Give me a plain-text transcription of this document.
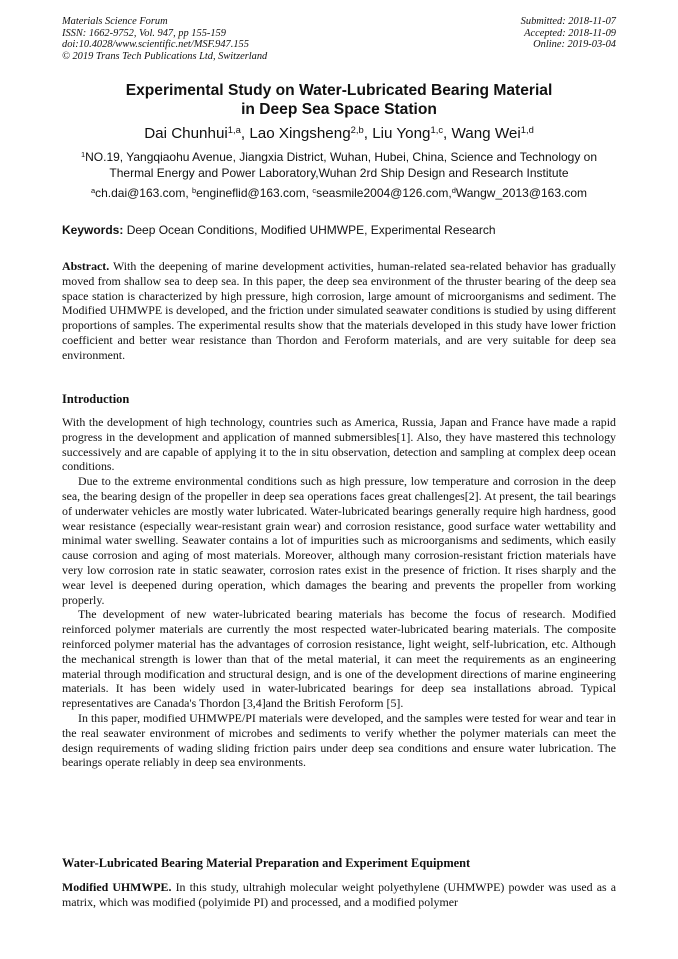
Materials Science Forum
ISSN: 1662-9752, Vol. 947, pp 155-159
doi:10.4028/www.scientific.net/MSF.947.155
© 2019 Trans Tech Publications Ltd, Switzerland
Submitted: 2018-11-07
Accepted: 2018-11-09
Online: 2019-03-04
Experimental Study on Water-Lubricated Bearing Material
in Deep Sea Space Station
Dai Chunhui$^{1,a}$, Lao Xingsheng$^{2,b}$, Liu Yong$^{1,c}$, Wang Wei$^{1,d}$
$^1$NO.19, Yangqiaohu Avenue, Jiangxia District, Wuhan, Hubei, China, Science and Technology on Thermal Energy and Power Laboratory,Wuhan 2rd Ship Design and Research Institute
$^a$ch.dai@163.com, $^b$engineflid@163.com, $^c$seasmile2004@126.com,$^d$Wangw_2013@163.com
Keywords: Deep Ocean Conditions, Modified UHMWPE, Experimental Research
Abstract. With the deepening of marine development activities, human-related sea-related behavior has gradually moved from shallow sea to deep sea. In this paper, the deep sea environment of the thruster bearing of the deep sea space station is characterized by high pressure, high corrosion, large amount of microorganisms and sediment. The Modified UHMWPE is developed, and the friction under simulated seawater conditions is studied by using different proportions of samples. The experimental results show that the materials developed in this study have lower friction coefficient and better wear resistance than Thordon and Feroform materials, and are very suitable for deep sea environment.
Introduction

With the development of high technology, countries such as America, Russia, Japan and France have made a rapid progress in the development and application of manned submersibles[1]. Also, they have mastered this technology successively and are capable of applying it to the in situ observation, detection and sampling at complex deep ocean conditions.

Due to the extreme environmental conditions such as high pressure, low temperature and corrosion in the deep sea, the bearing design of the propeller in deep sea operations faces great challenges[2]. At present, the tail bearings of underwater vehicles are mostly water lubricated. Water-lubricated bearings generally require high hardness, good wear resistance (especially wear-resistant grain wear) and corrosion resistance, good surface water wettability and minimal water swelling. Seawater contains a lot of impurities such as microorganisms and sediments, which easily cause corrosion and aging of most materials. Moreover, although many corrosion-resistant friction materials have very low corrosion rate in static seawater, corrosion rates exist in the presence of friction. It rises sharply and the wear level is deepened during operation, which damages the bearing and prevents the propeller from working properly.

The development of new water-lubricated bearing materials has become the focus of research. Modified reinforced polymer materials are currently the most respected water-lubricated bearing materials. The composite reinforced polymer material has the advantages of corrosion resistance, light weight, self-lubrication, etc. Although the mechanical strength is lower than that of the metal material, it can meet the requirements as an engineering material through modification and structural design, and is one of the development directions of marine engineering materials. It has been widely used in water-lubricated bearings for deep sea installations abroad. Typical representatives are Canada's Thordon [3,4]and the British Feroform [5].

In this paper, modified UHMWPE/PI materials were developed, and the samples were tested for wear and tear in the real seawater environment of microbes and sediments to verify whether the polymer materials can meet the design requirements of wading sliding friction pairs under deep sea conditions and ensure water lubrication. The bearings operate reliably in deep sea environments.

Water-Lubricated Bearing Material Preparation and Experiment Equipment
Modified UHMWPE. In this study, ultrahigh molecular weight polyethylene (UHMWPE) powder was used as a matrix, which was modified (polyimide PI) and processed, and a modified polymer
